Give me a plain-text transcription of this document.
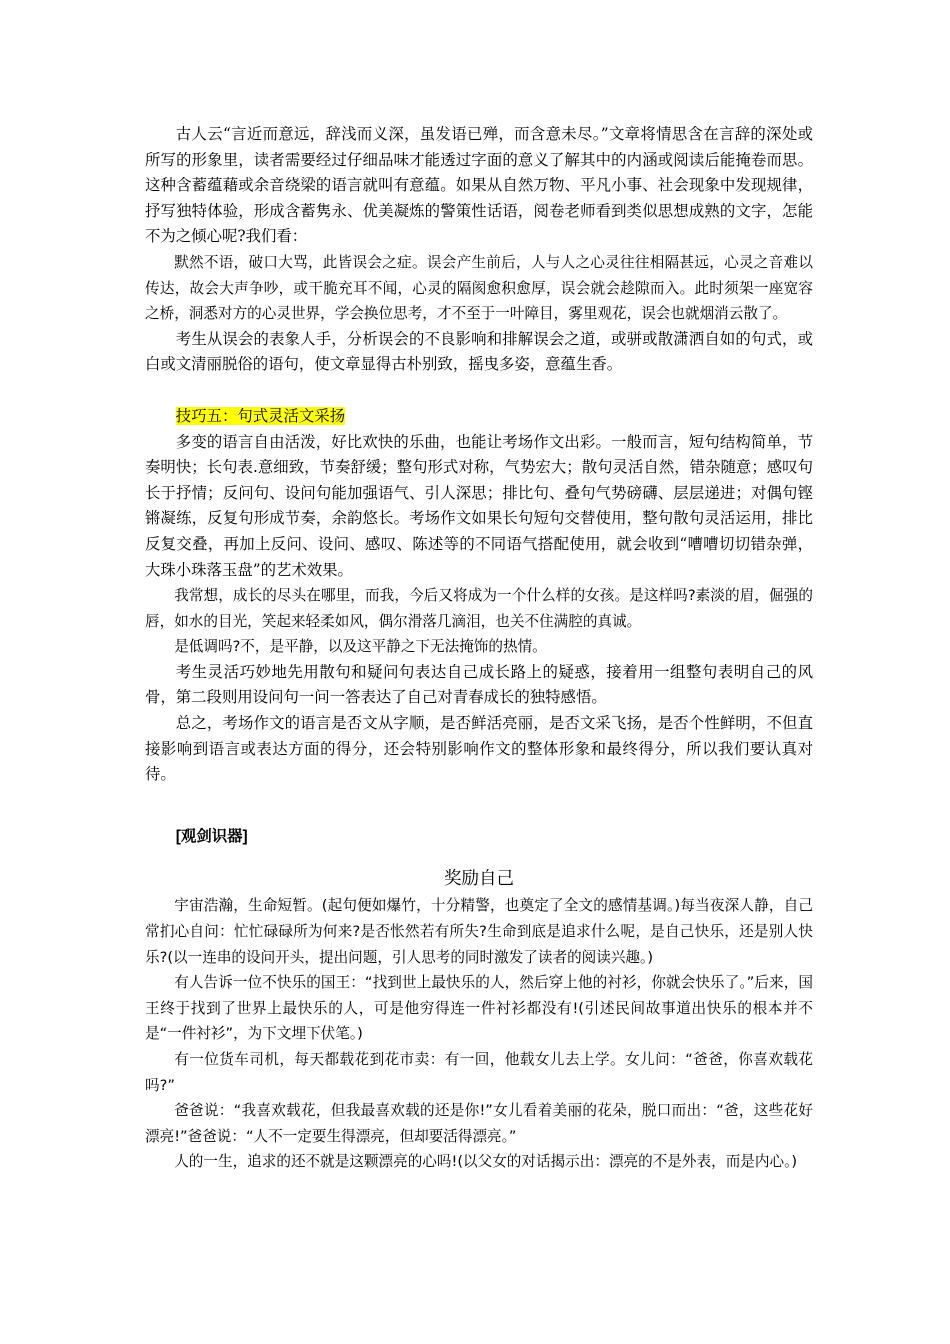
古人云“言近而意远，辞浅而义深，虽发语已殚，而含意未尽。”文章将情思含在言辞的深处或所写的形象里，读者需要经过仔细品味才能透过字面的意义了解其中的内涵或阅读后能掩卷而思。这种含蓄蕴藉或余音绕梁的语言就叫有意蕴。如果从自然万物、平凡小事、社会现象中发现规律，抒写独特体验，形成含蓄隽永、优美凝炼的警策性话语，阅卷老师看到类似思想成熟的文字，怎能不为之倾心呢?我们看：

默然不语，破口大骂，此皆误会之症。误会产生前后，人与人之心灵往往相隔甚远，心灵之音难以传达，故会大声争吵，或干脆充耳不闻，心灵的隔阂愈积愈厚，误会就会趁隙而入。此时须架一座宽容之桥，洞悉对方的心灵世界，学会换位思考，才不至于一叶障目，雾里观花，误会也就烟消云散了。

考生从误会的表象人手，分析误会的不良影响和排解误会之道，或骈或散潇洒自如的句式，或白或文清丽脱俗的语句，使文章显得古朴别致，摇曳多姿，意蕴生香。

技巧五：句式灵活文采扬

多变的语言自由活泼，好比欢快的乐曲，也能让考场作文出彩。一般而言，短句结构简单，节奏明快；长句表.意细致，节奏舒缓；整句形式对称，气势宏大；散句灵活自然，错杂随意；感叹句长于抒情；反问句、设问句能加强语气、引人深思；排比句、叠句气势磅礴、层层递进；对偶句铿锵凝练，反复句形成节奏，余韵悠长。考场作文如果长句短句交替使用，整句散句灵活运用，排比反复交叠，再加上反问、设问、感叹、陈述等的不同语气搭配使用，就会收到“嘈嘈切切错杂弹，大珠小珠落玉盘”的艺术效果。

我常想，成长的尽头在哪里，而我，今后又将成为一个什么样的女孩。是这样吗?素淡的眉，倔强的唇，如水的目光，笑起来轻柔如风，偶尔滑落几滴泪，也关不住满腔的真诚。

是低调吗?不，是平静，以及这平静之下无法掩饰的热情。

考生灵活巧妙地先用散句和疑问句表达自己成长路上的疑惑，接着用一组整句表明自己的风骨，第二段则用设问句一问一答表达了自己对青春成长的独特感悟。

总之，考场作文的语言是否文从字顺，是否鲜活亮丽，是否文采飞扬，是否个性鲜明，不但直接影响到语言或表达方面的得分，还会特别影响作文的整体形象和最终得分，所以我们要认真对待。

[观剑识器]

奖励自己

宇宙浩瀚，生命短暂。(起句便如爆竹，十分精警，也奠定了全文的感情基调。)每当夜深人静，自己常扪心自问：忙忙碌碌所为何来?是否怅然若有所失?生命到底是追求什么呢，是自己快乐，还是别人快乐?(以一连串的设问开头，提出问题，引人思考的同时激发了读者的阅读兴趣。)

有人告诉一位不快乐的国王：“找到世上最快乐的人，然后穿上他的衬衫，你就会快乐了。”后来，国王终于找到了世界上最快乐的人，可是他穷得连一件衬衫都没有!(引述民间故事道出快乐的根本并不是“一件衬衫”，为下文埋下伏笔。)

有一位货车司机，每天都载花到花市卖：有一回，他载女儿去上学。女儿问：“爸爸，你喜欢载花吗?”

爸爸说：“我喜欢载花，但我最喜欢载的还是你!”女儿看着美丽的花朵，脱口而出：“爸，这些花好漂亮!”爸爸说：“人不一定要生得漂亮，但却要活得漂亮。”

人的一生，追求的还不就是这颗漂亮的心吗!(以父女的对话揭示出：漂亮的不是外表，而是内心。)
